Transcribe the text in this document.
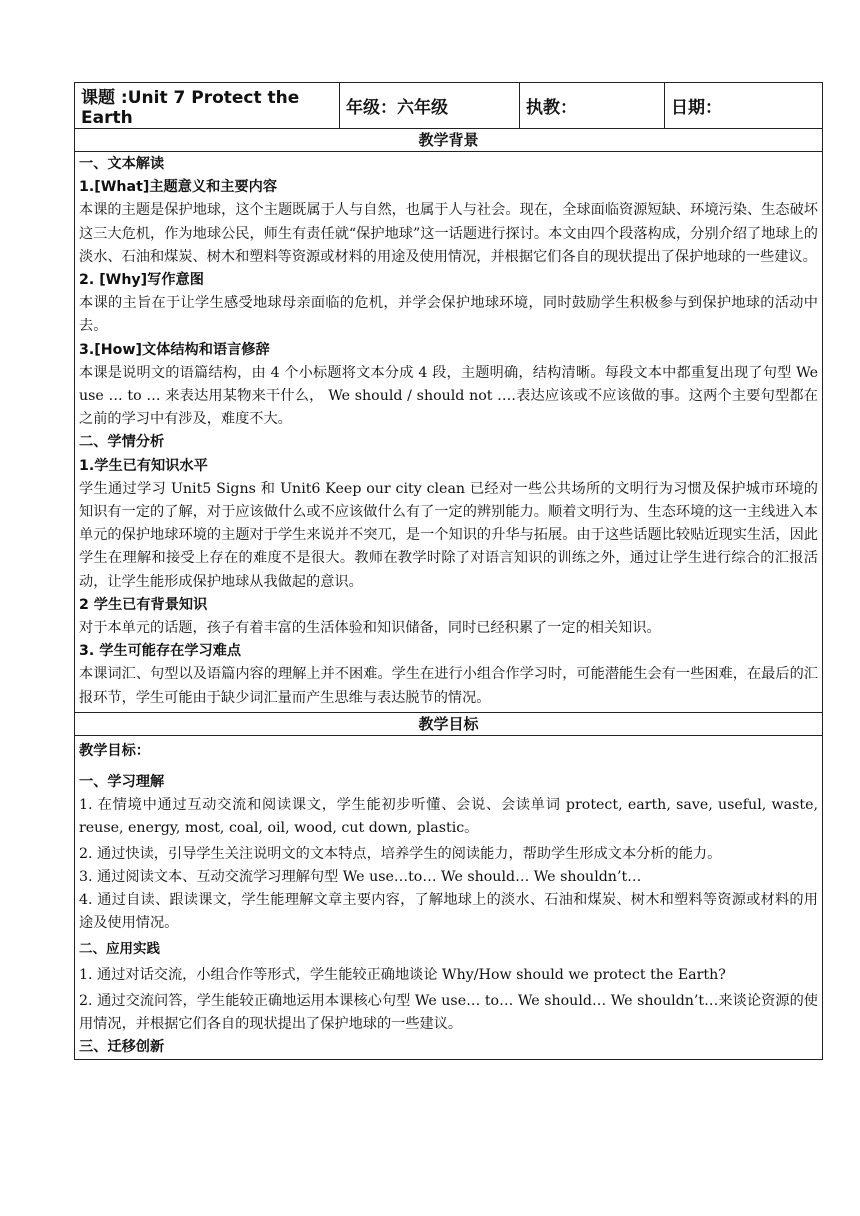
课题 :Unit 7 Protect the Earth	年级：六年级	执教：	日期：
教学背景

一、文本解读
1.[What]主题意义和主要内容
本课的主题是保护地球，这个主题既属于人与自然，也属于人与社会。现在，全球面临资源短缺、环境污染、生态破坏这三大危机，作为地球公民，师生有责任就“保护地球”这一话题进行探讨。本文由四个段落构成，分别介绍了地球上的淡水、石油和煤炭、树木和塑料等资源或材料的用途及使用情况，并根据它们各自的现状提出了保护地球的一些建议。
2. [Why]写作意图
本课的主旨在于让学生感受地球母亲面临的危机，并学会保护地球环境，同时鼓励学生积极参与到保护地球的活动中去。
3.[How]文体结构和语言修辞
本课是说明文的语篇结构，由 4 个小标题将文本分成 4 段，主题明确，结构清晰。每段文本中都重复出现了句型 We use … to … 来表达用某物来干什么， We should / should not ….表达应该或不应该做的事。这两个主要句型都在之前的学习中有涉及，难度不大。
二、学情分析
1.学生已有知识水平
学生通过学习 Unit5 Signs 和 Unit6 Keep our city clean 已经对一些公共场所的文明行为习惯及保护城市环境的知识有一定的了解，对于应该做什么或不应该做什么有了一定的辨别能力。顺着文明行为、生态环境的这一主线进入本单元的保护地球环境的主题对于学生来说并不突兀，是一个知识的升华与拓展。由于这些话题比较贴近现实生活，因此学生在理解和接受上存在的难度不是很大。教师在教学时除了对语言知识的训练之外，通过让学生进行综合的汇报活动，让学生能形成保护地球从我做起的意识。
2 学生已有背景知识
对于本单元的话题，孩子有着丰富的生活体验和知识储备，同时已经积累了一定的相关知识。
3. 学生可能存在学习难点
本课词汇、句型以及语篇内容的理解上并不困难。学生在进行小组合作学习时，可能潜能生会有一些困难，在最后的汇报环节，学生可能由于缺少词汇量而产生思维与表达脱节的情况。

教学目标

教学目标：
一、学习理解
1. 在情境中通过互动交流和阅读课文，学生能初步听懂、会说、会读单词 protect, earth, save, useful, waste, reuse, energy, most, coal, oil, wood, cut down, plastic。
2. 通过快读，引导学生关注说明文的文本特点，培养学生的阅读能力，帮助学生形成文本分析的能力。
3. 通过阅读文本、互动交流学习理解句型 We use…to… We should… We shouldn’t…
4. 通过自读、跟读课文，学生能理解文章主要内容，了解地球上的淡水、石油和煤炭、树木和塑料等资源或材料的用途及使用情况。
二、应用实践
1. 通过对话交流，小组合作等形式，学生能较正确地谈论 Why/How should we protect the Earth?
2. 通过交流问答，学生能较正确地运用本课核心句型 We use… to… We should… We shouldn’t…来谈论资源的使用情况，并根据它们各自的现状提出了保护地球的一些建议。
三、迁移创新
